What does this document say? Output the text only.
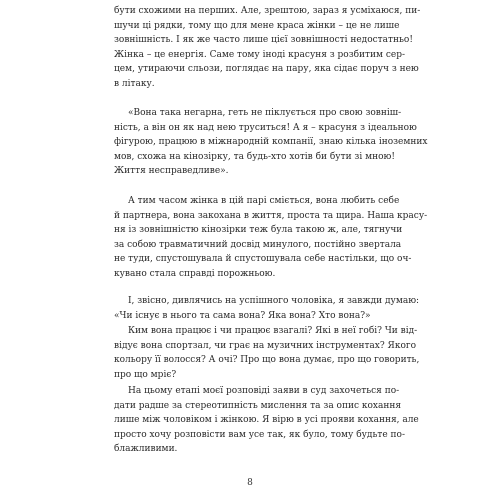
бути схожими на перших. Але, зрештою, зараз я усміхаюся, пи-
шучи ці рядки, тому що для мене краса жінки – це не лише
зовнішність. І як же часто лише цієї зовнішності недостатньо!
Жінка – це енергія. Саме тому іноді красуня з розбитим сер-
цем, утираючи сльози, поглядає на пару, яка сідає поруч з нею
в літаку.
«Вона така негарна, геть не піклується про свою зовніш-
ність, а він он як над нею труситься! А я – красуня з ідеальною
фігурою, працюю в міжнародній компанії, знаю кілька іноземних
мов, схожа на кінозірку, та будь-хто хотів би бути зі мною!
Життя несправедливе».
А тим часом жінка в цій парі сміється, вона любить себе
й партнера, вона закохана в життя, проста та щира. Наша красу-
ня із зовнішністю кінозірки теж була такою ж, але, тягнучи
за собою травматичний досвід минулого, постійно звертала
не туди, спустошувала й спустошувала себе настільки, що оч-
кувано стала справді порожньою.
І, звісно, дивлячись на успішного чоловіка, я завжди думаю:
«Чи існує в нього та сама вона? Яка вона? Хто вона?»
Ким вона працює і чи працює взагалі? Які в неї гобі? Чи від-
відує вона спортзал, чи грає на музичних інструментах? Якого
кольору її волосся? А очі? Про що вона думає, про що говорить,
про що мріє?
На цьому етапі моєї розповіді заяви в суд захочеться по-
дати радше за стереотипність мислення та за опис кохання
лише між чоловіком і жінкою. Я вірю в усі прояви кохання, але
просто хочу розповісти вам усе так, як було, тому будьте по-
блажливими.
8
